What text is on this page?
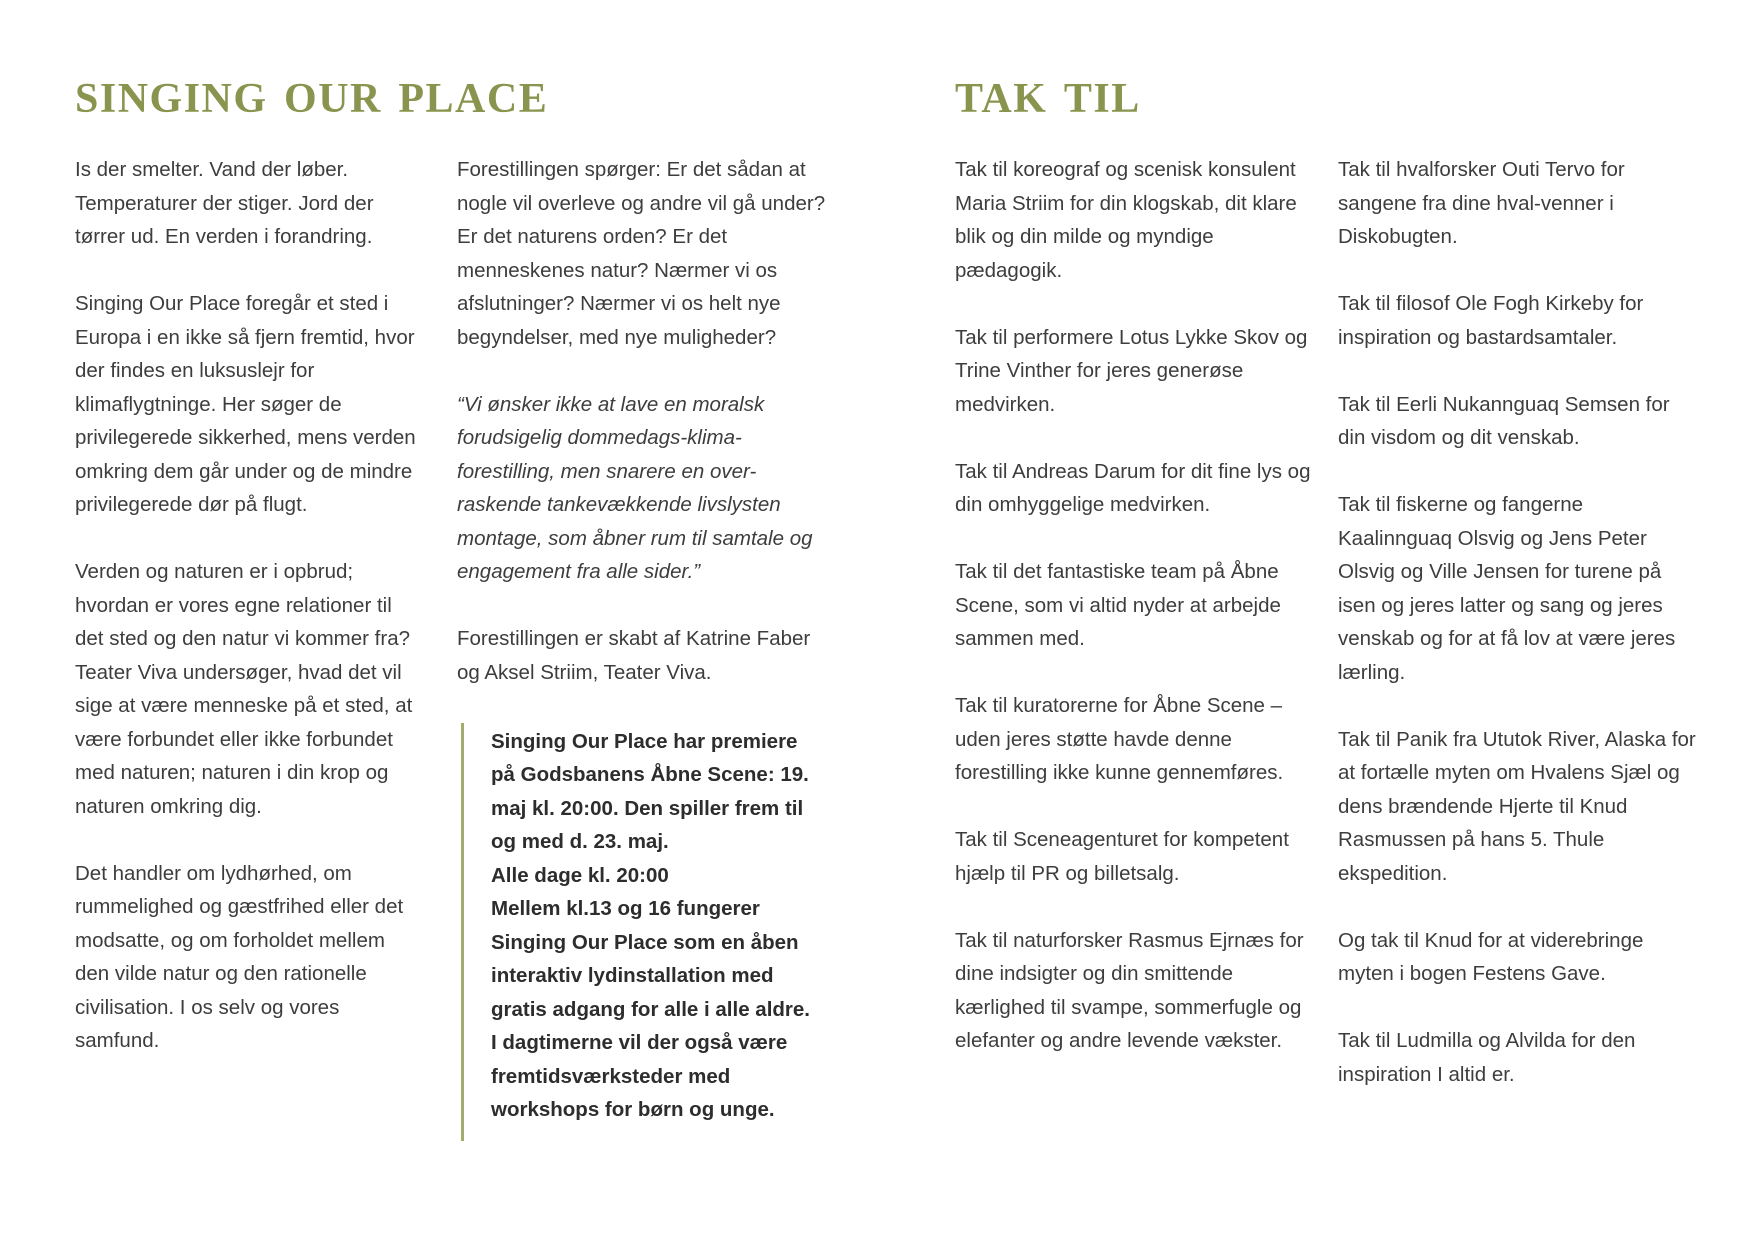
singing our place	tak til

Is der smelter. Vand der løber. Temperaturer der stiger. Jord der tørrer ud. En verden i forandring.

Singing Our Place foregår et sted i Europa i en ikke så fjern fremtid, hvor der findes en luksuslejr for klimaflygtninge. Her søger de privilegerede sikkerhed, mens verden omkring dem går under og de mindre privilegerede dør på flugt.

Verden og naturen er i opbrud; hvordan er vores egne relationer til det sted og den natur vi kommer fra?

Teater Viva undersøger, hvad det vil sige at være menneske på et sted, at være forbundet eller ikke forbundet med naturen; naturen i din krop og naturen omkring dig.

Det handler om lydhørhed, om rummelighed og gæstfrihed eller det modsatte, og om forholdet mellem den vilde natur og den rationelle civilisation. I os selv og vores samfund.

Forestillingen spørger: Er det sådan at nogle vil overleve og andre vil gå under? Er det naturens orden? Er det menneskenes natur? Nærmer vi os afslutninger? Nærmer vi os helt nye begyndelser, med nye muligheder?

“Vi ønsker ikke at lave en moralsk forudsigelig dommedags-klima-forestilling, men snarere en over-raskende tankevækkende livslysten montage, som åbner rum til samtale og engagement fra alle sider.”

Forestillingen er skabt af Katrine Faber og Aksel Striim, Teater Viva.

Singing Our Place har premiere på Godsbanens Åbne Scene: 19. maj kl. 20:00. Den spiller frem til og med d. 23. maj.
Alle dage kl. 20:00
Mellem kl.13 og 16 fungerer Singing Our Place som en åben interaktiv lydinstallation med gratis adgang for alle i alle aldre. I dagtimerne vil der også være fremtidsværksteder med workshops for børn og unge.

Tak til koreograf og scenisk konsulent Maria Striim for din klogskab, dit klare blik og din milde og myndige pædagogik.

Tak til performere Lotus Lykke Skov og Trine Vinther for jeres generøse medvirken.

Tak til Andreas Darum for dit fine lys og din omhyggelige medvirken.

Tak til det fantastiske team på Åbne Scene, som vi altid nyder at arbejde sammen med.

Tak til kuratorerne for Åbne Scene – uden jeres støtte havde denne forestilling ikke kunne gennemføres.

Tak til Sceneagenturet for kompetent hjælp til PR og billetsalg.

Tak til naturforsker Rasmus Ejrnæs for dine indsigter og din smittende kærlighed til svampe, sommerfugle og elefanter og andre levende vækster.

Tak til hvalforsker Outi Tervo for sangene fra dine hval-venner i Diskobugten.

Tak til filosof Ole Fogh Kirkeby for inspiration og bastardsamtaler.

Tak til Eerli Nukannguaq Semsen for din visdom og dit venskab.

Tak til fiskerne og fangerne Kaalinnguaq Olsvig og Jens Peter Olsvig og Ville Jensen for turene på isen og jeres latter og sang og jeres venskab og for at få lov at være jeres lærling.

Tak til Panik fra Ututok River, Alaska for at fortælle myten om Hvalens Sjæl og dens brændende Hjerte til Knud Rasmussen på hans 5. Thule ekspedition.

Og tak til Knud for at viderebringe myten i bogen Festens Gave.

Tak til Ludmilla og Alvilda for den inspiration I altid er.
